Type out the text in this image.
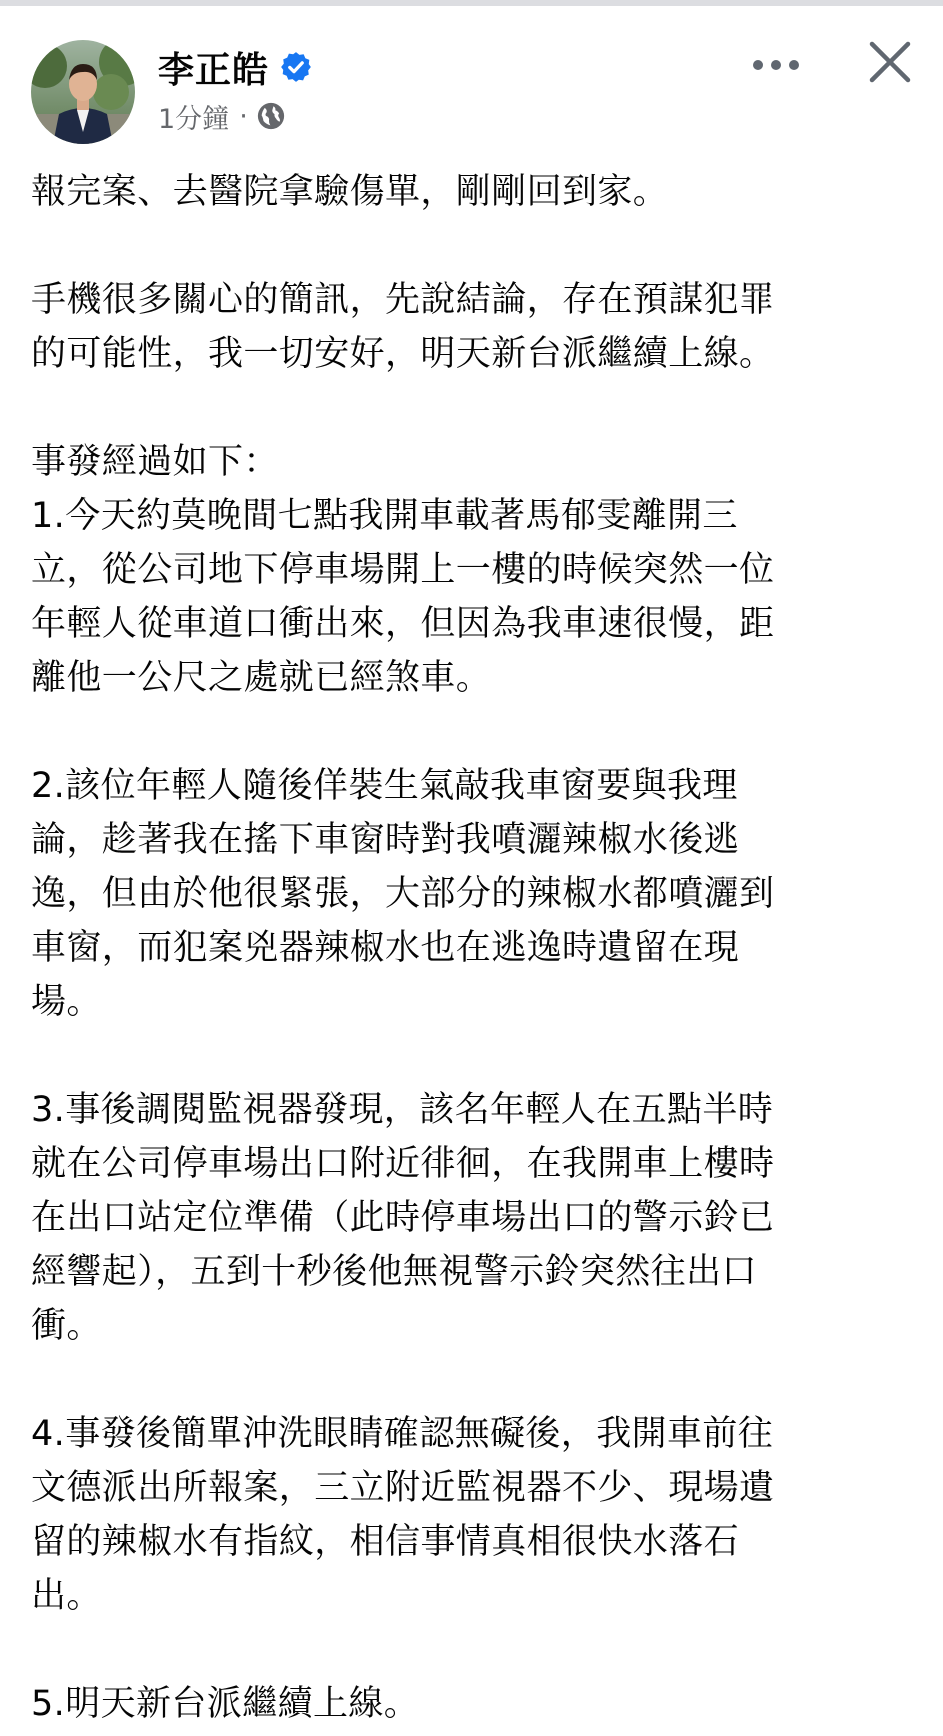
李正皓
1分鐘 ·
報完案、去醫院拿驗傷單，剛剛回到家。
手機很多關心的簡訊，先說結論，存在預謀犯罪
的可能性，我一切安好，明天新台派繼續上線。
事發經過如下：
1.今天約莫晚間七點我開車載著馬郁雯離開三
立，從公司地下停車場開上一樓的時候突然一位
年輕人從車道口衝出來，但因為我車速很慢，距
離他一公尺之處就已經煞車。
2.該位年輕人隨後佯裝生氣敲我車窗要與我理
論，趁著我在搖下車窗時對我噴灑辣椒水後逃
逸，但由於他很緊張，大部分的辣椒水都噴灑到
車窗，而犯案兇器辣椒水也在逃逸時遺留在現
場。
3.事後調閱監視器發現，該名年輕人在五點半時
就在公司停車場出口附近徘徊，在我開車上樓時
在出口站定位準備（此時停車場出口的警示鈴已
經響起），五到十秒後他無視警示鈴突然往出口
衝。
4.事發後簡單沖洗眼睛確認無礙後，我開車前往
文德派出所報案，三立附近監視器不少、現場遺
留的辣椒水有指紋，相信事情真相很快水落石
出。
5.明天新台派繼續上線。
